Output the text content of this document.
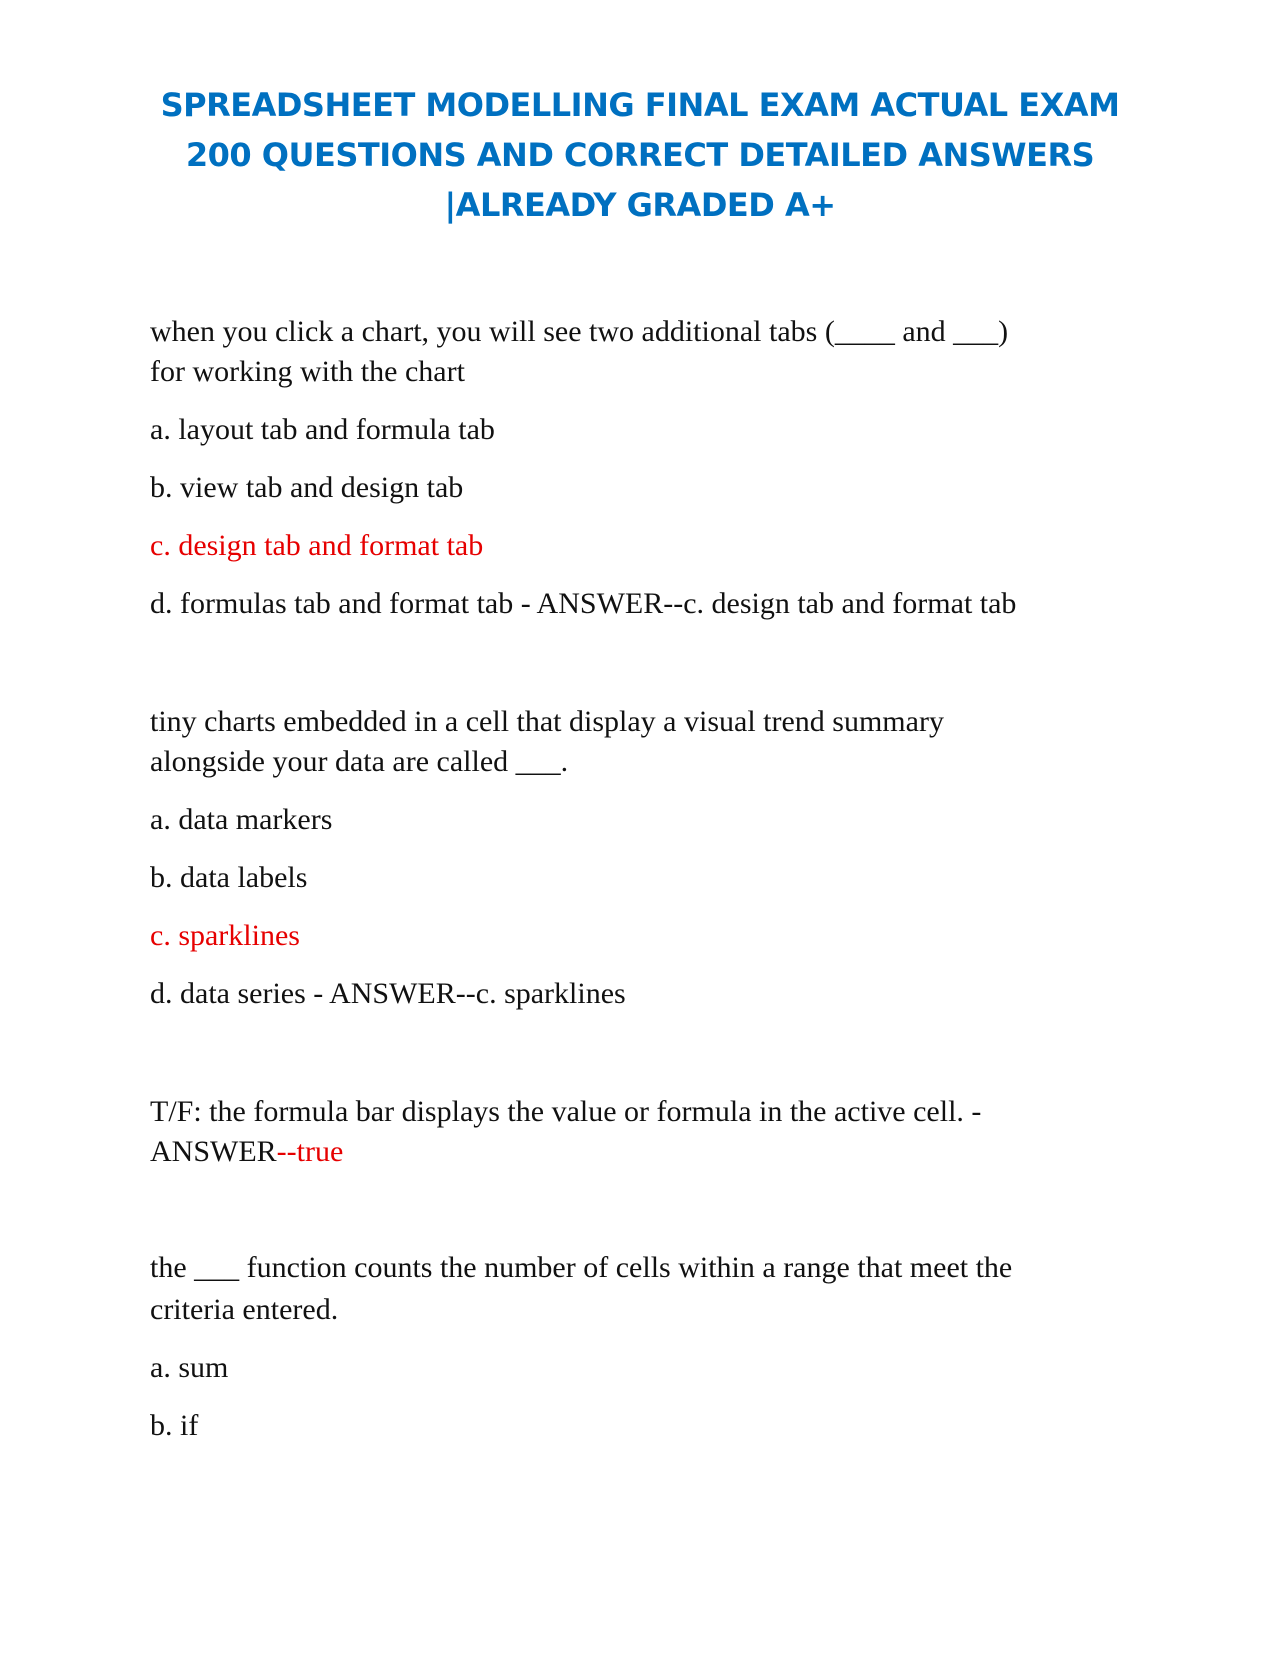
SPREADSHEET MODELLING FINAL EXAM ACTUAL EXAM
200 QUESTIONS AND CORRECT DETAILED ANSWERS
|ALREADY GRADED A+
when you click a chart, you will see two additional tabs (____ and ___)
for working with the chart
a. layout tab and formula tab
b. view tab and design tab
c. design tab and format tab
d. formulas tab and format tab - ANSWER--c. design tab and format tab
tiny charts embedded in a cell that display a visual trend summary
alongside your data are called ___.
a. data markers
b. data labels
c. sparklines
d. data series - ANSWER--c. sparklines
T/F: the formula bar displays the value or formula in the active cell. -
ANSWER--true
the ___ function counts the number of cells within a range that meet the
criteria entered.
a. sum
b. if
